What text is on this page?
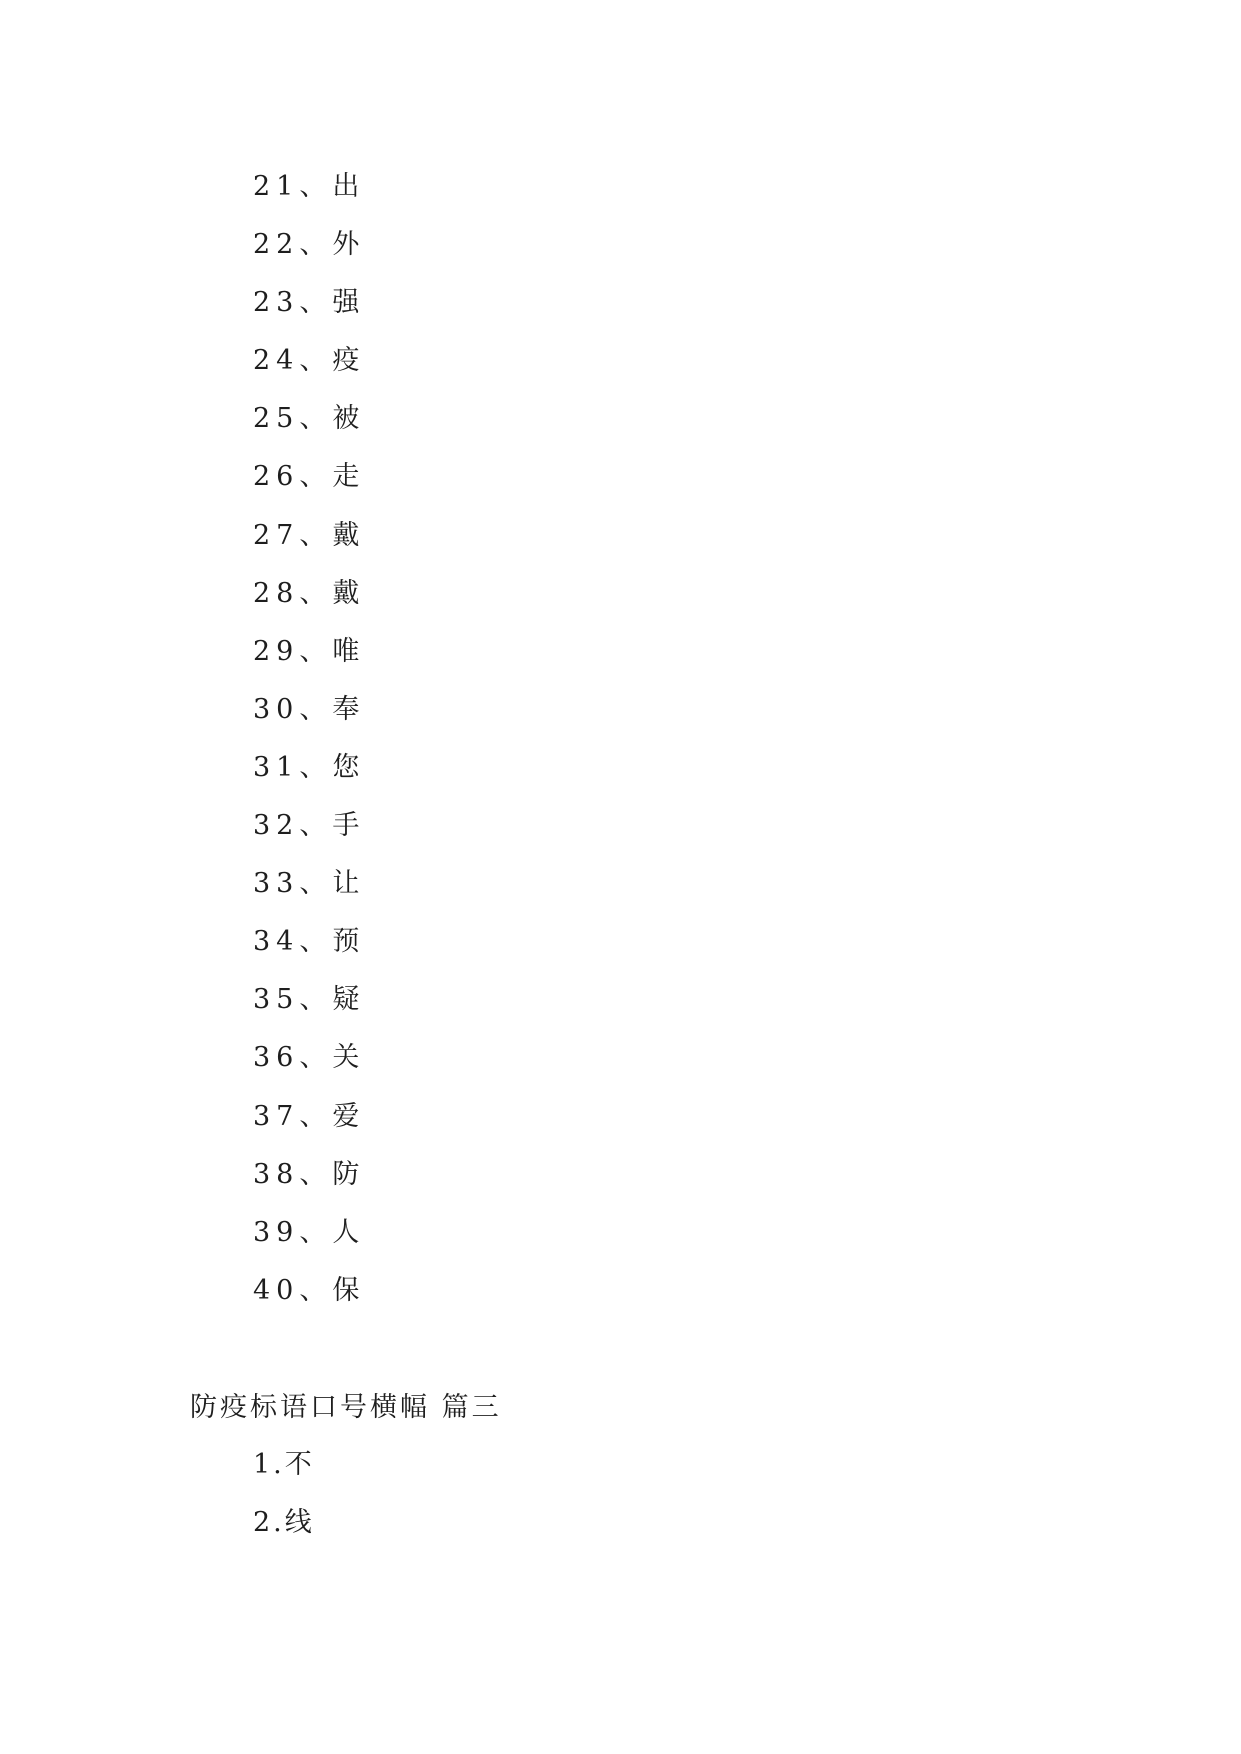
21、出
22、外
23、强
24、疫
25、被
26、走
27、戴
28、戴
29、唯
30、奉
31、您
32、手
33、让
34、预
35、疑
36、关
37、爱
38、防
39、人
40、保
防疫标语口号横幅 篇三
1.不
2.线
